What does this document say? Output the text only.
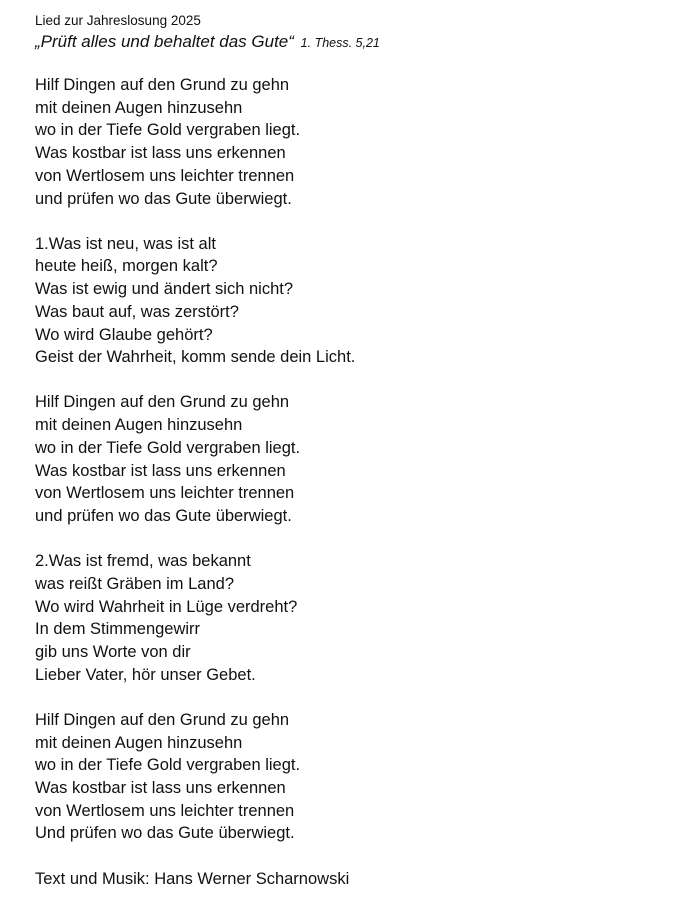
Lied zur Jahreslosung 2025

„Prüft alles und behaltet das Gute“ 1. Thess. 5,21

Hilf Dingen auf den Grund zu gehn
mit deinen Augen hinzusehn
wo in der Tiefe Gold vergraben liegt.
Was kostbar ist lass uns erkennen
von Wertlosem uns leichter trennen
und prüfen wo das Gute überwiegt.
1.Was ist neu, was ist alt
heute heiß, morgen kalt?
Was ist ewig und ändert sich nicht?
Was baut auf, was zerstört?
Wo wird Glaube gehört?
Geist der Wahrheit, komm sende dein Licht.
Hilf Dingen auf den Grund zu gehn
mit deinen Augen hinzusehn
wo in der Tiefe Gold vergraben liegt.
Was kostbar ist lass uns erkennen
von Wertlosem uns leichter trennen
und prüfen wo das Gute überwiegt.
2.Was ist fremd, was bekannt
was reißt Gräben im Land?
Wo wird Wahrheit in Lüge verdreht?
In dem Stimmengewirr
gib uns Worte von dir
Lieber Vater, hör unser Gebet.
Hilf Dingen auf den Grund zu gehn
mit deinen Augen hinzusehn
wo in der Tiefe Gold vergraben liegt.
Was kostbar ist lass uns erkennen
von Wertlosem uns leichter trennen
Und prüfen wo das Gute überwiegt.
Text und Musik: Hans Werner Scharnowski
